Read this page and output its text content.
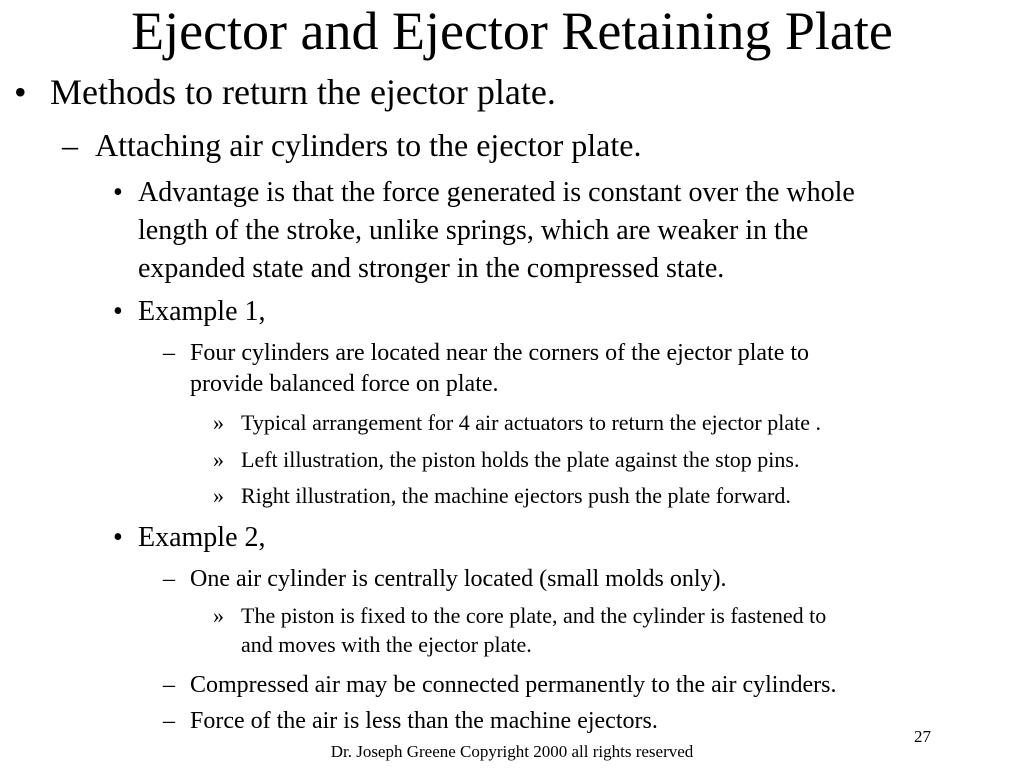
Ejector and Ejector Retaining Plate
• Methods to return the ejector plate.
– Attaching air cylinders to the ejector plate.
• Advantage is that the force generated is constant over the whole
length of the stroke, unlike springs, which are weaker in the
expanded state and stronger in the compressed state.
• Example 1,
– Four cylinders are located near the corners of the ejector plate to
provide balanced force on plate.
» Typical arrangement for 4 air actuators to return the ejector plate .
» Left illustration, the piston holds the plate against the stop pins.
» Right illustration, the machine ejectors push the plate forward.
• Example 2,
– One air cylinder is centrally located (small molds only).
» The piston is fixed to the core plate, and the cylinder is fastened to
and moves with the ejector plate.
– Compressed air may be connected permanently to the air cylinders.
– Force of the air is less than the machine ejectors.
27
Dr. Joseph Greene Copyright 2000 all rights reserved
